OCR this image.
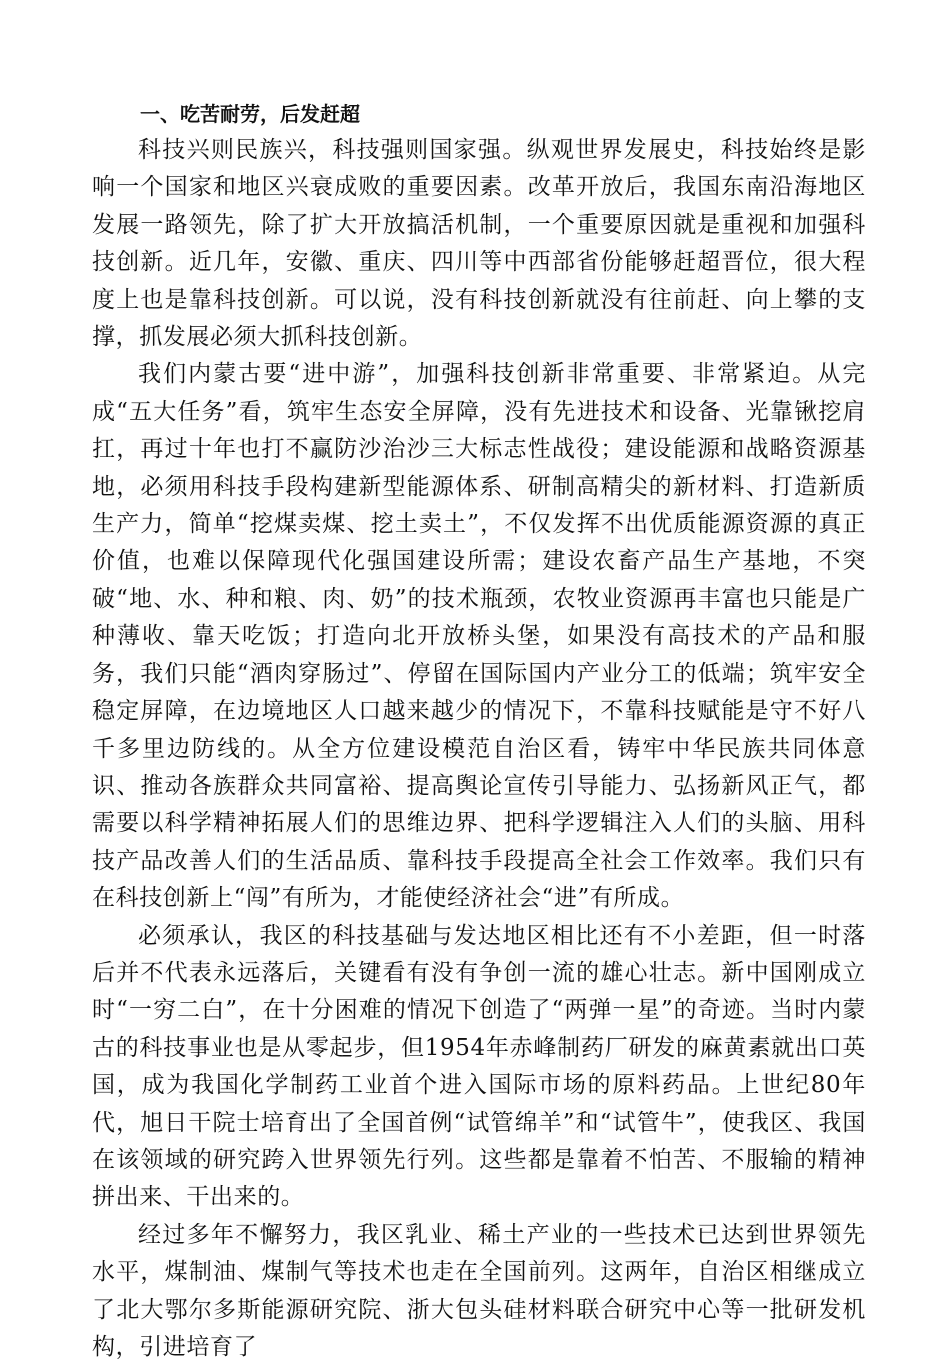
一、吃苦耐劳，后发赶超

科技兴则民族兴，科技强则国家强。纵观世界发展史，科技始终是影响一个国家和地区兴衰成败的重要因素。改革开放后，我国东南沿海地区发展一路领先，除了扩大开放搞活机制，一个重要原因就是重视和加强科技创新。近几年，安徽、重庆、四川等中西部省份能够赶超晋位，很大程度上也是靠科技创新。可以说，没有科技创新就没有往前赶、向上攀的支撑，抓发展必须大抓科技创新。

我们内蒙古要“进中游”，加强科技创新非常重要、非常紧迫。从完成“五大任务”看，筑牢生态安全屏障，没有先进技术和设备、光靠锹挖肩扛，再过十年也打不赢防沙治沙三大标志性战役；建设能源和战略资源基地，必须用科技手段构建新型能源体系、研制高精尖的新材料、打造新质生产力，简单“挖煤卖煤、挖土卖土”，不仅发挥不出优质能源资源的真正价值，也难以保障现代化强国建设所需；建设农畜产品生产基地，不突破“地、水、种和粮、肉、奶”的技术瓶颈，农牧业资源再丰富也只能是广种薄收、靠天吃饭；打造向北开放桥头堡，如果没有高技术的产品和服务，我们只能“酒肉穿肠过”、停留在国际国内产业分工的低端；筑牢安全稳定屏障，在边境地区人口越来越少的情况下，不靠科技赋能是守不好八千多里边防线的。从全方位建设模范自治区看，铸牢中华民族共同体意识、推动各族群众共同富裕、提高舆论宣传引导能力、弘扬新风正气，都需要以科学精神拓展人们的思维边界、把科学逻辑注入人们的头脑、用科技产品改善人们的生活品质、靠科技手段提高全社会工作效率。我们只有在科技创新上“闯”有所为，才能使经济社会“进”有所成。

必须承认，我区的科技基础与发达地区相比还有不小差距，但一时落后并不代表永远落后，关键看有没有争创一流的雄心壮志。新中国刚成立时“一穷二白”，在十分困难的情况下创造了“两弹一星”的奇迹。当时内蒙古的科技事业也是从零起步，但1954年赤峰制药厂研发的麻黄素就出口英国，成为我国化学制药工业首个进入国际市场的原料药品。上世纪80年代，旭日干院士培育出了全国首例“试管绵羊”和“试管牛”，使我区、我国在该领域的研究跨入世界领先行列。这些都是靠着不怕苦、不服输的精神拼出来、干出来的。

经过多年不懈努力，我区乳业、稀土产业的一些技术已达到世界领先水平，煤制油、煤制气等技术也走在全国前列。这两年，自治区相继成立了北大鄂尔多斯能源研究院、浙大包头硅材料联合研究中心等一批研发机构，引进培育了
